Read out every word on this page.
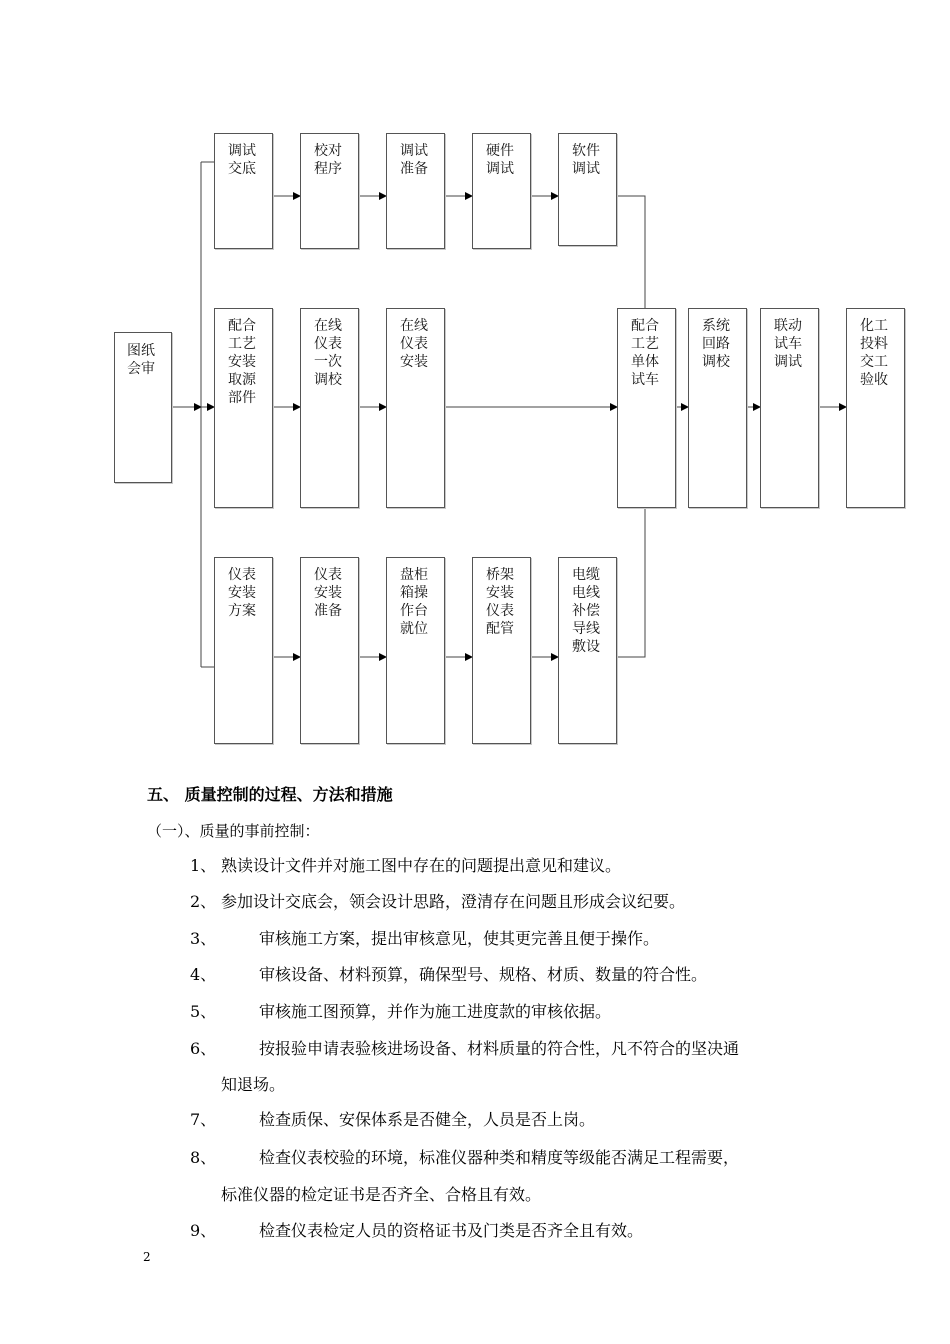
图纸
会审
调试
交底
校对
程序
调试
准备
硬件
调试
软件
调试
配合
工艺
安装
取源
部件
在线
仪表
一次
调校
在线
仪表
安装
配合
工艺
单体
试车
系统
回路
调校
联动
试车
调试
化工
投料
交工
验收
仪表
安装
方案
仪表
安装
准备
盘柜
箱操
作台
就位
桥架
安装
仪表
配管
电缆
电线
补偿
导线
敷设
五、 质量控制的过程、方法和措施
（一）、质量的事前控制：
1、 熟读设计文件并对施工图中存在的问题提出意见和建议。
2、 参加设计交底会，领会设计思路，澄清存在问题且形成会议纪要。
3、	审核施工方案，提出审核意见，使其更完善且便于操作。
4、	审核设备、材料预算，确保型号、规格、材质、数量的符合性。
5、	审核施工图预算，并作为施工进度款的审核依据。
6、	按报验申请表验核进场设备、材料质量的符合性，凡不符合的坚决通
知退场。
7、	检查质保、安保体系是否健全，人员是否上岗。
8、	检查仪表校验的环境，标准仪器种类和精度等级能否满足工程需要，
标准仪器的检定证书是否齐全、合格且有效。
9、	检查仪表检定人员的资格证书及门类是否齐全且有效。
2
